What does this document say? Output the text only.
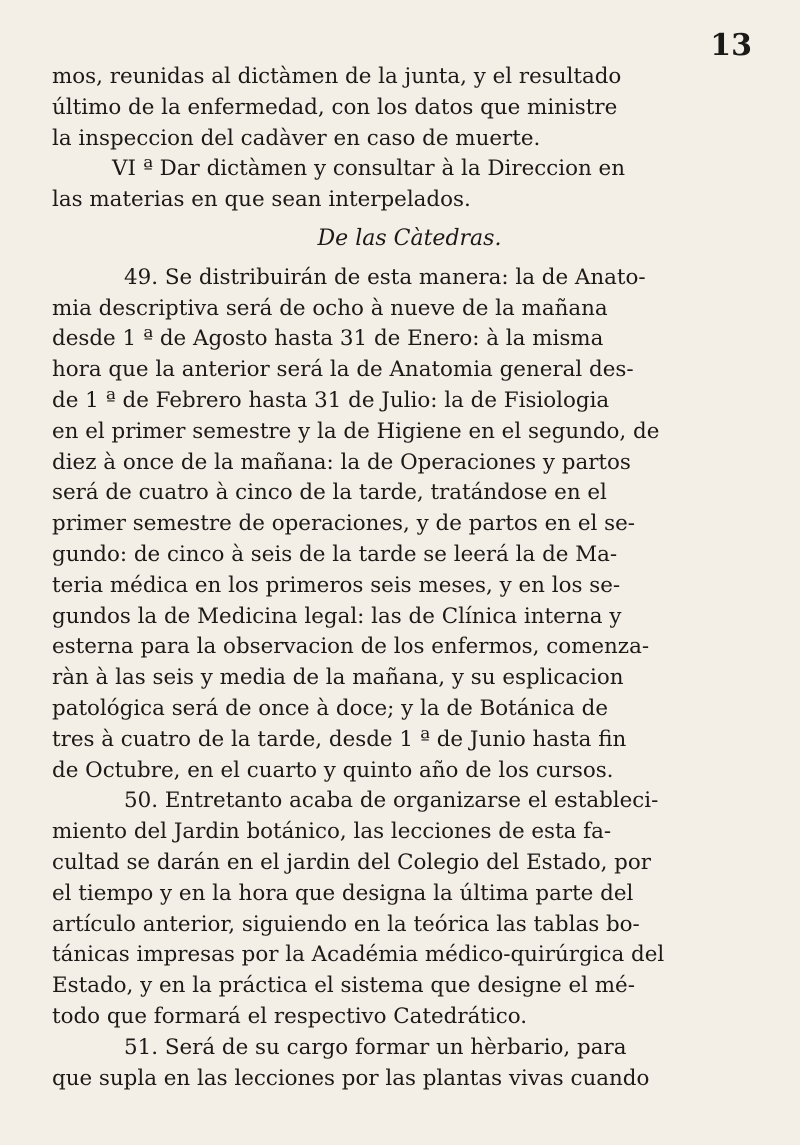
13
mos, reunidas al dictàmen de la junta, y el resultado
último de la enfermedad, con los datos que ministre
la inspeccion del cadàver en caso de muerte.
VI ª Dar dictàmen y consultar à la Direccion en
las materias en que sean interpelados.
De las Càtedras.
49. Se distribuirán de esta manera: la de Anato-
mia descriptiva será de ocho à nueve de la mañana
desde 1 ª de Agosto hasta 31 de Enero: à la misma
hora que la anterior será la de Anatomia general des-
de 1 ª de Febrero hasta 31 de Julio: la de Fisiologia
en el primer semestre y la de Higiene en el segundo, de
diez à once de la mañana: la de Operaciones y partos
será de cuatro à cinco de la tarde, tratándose en el
primer semestre de operaciones, y de partos en el se-
gundo: de cinco à seis de la tarde se leerá la de Ma-
teria médica en los primeros seis meses, y en los se-
gundos la de Medicina legal: las de Clínica interna y
esterna para la observacion de los enfermos, comenza-
ràn à las seis y media de la mañana, y su esplicacion
patológica será de once à doce; y la de Botánica de
tres à cuatro de la tarde, desde 1 ª de Junio hasta fin
de Octubre, en el cuarto y quinto año de los cursos.
50. Entretanto acaba de organizarse el estableci-
miento del Jardin botánico, las lecciones de esta fa-
cultad se darán en el jardin del Colegio del Estado, por
el tiempo y en la hora que designa la última parte del
artículo anterior, siguiendo en la teórica las tablas bo-
tánicas impresas por la Académia médico-quirúrgica del
Estado, y en la práctica el sistema que designe el mé-
todo que formará el respectivo Catedrático.
51. Será de su cargo formar un hèrbario, para
que supla en las lecciones por las plantas vivas cuando
